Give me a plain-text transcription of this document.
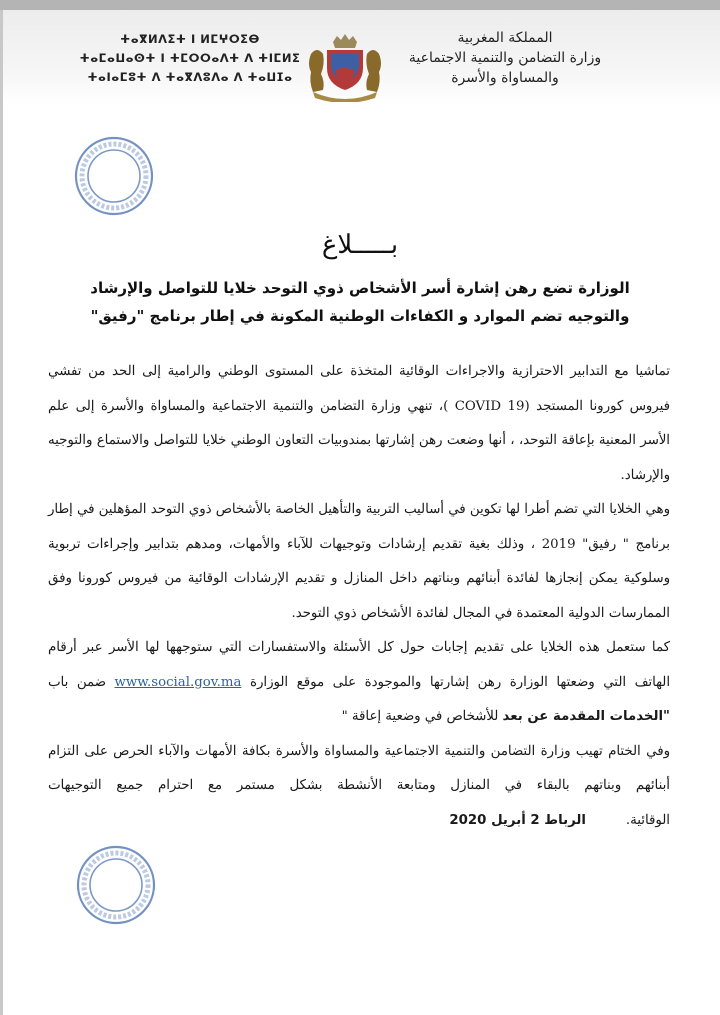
ⵜⴰⴳⵍⴷⵉⵜ ⵏ ⵍⵎⵖⵔⵉⴱ
ⵜⴰⵎⴰⵡⴰⵙⵜ ⵏ ⵜⵎⵔⵔⴰⴷⵜ ⴷ ⵜⵏⵎⵍⵉ
ⵜⴰⵏⴰⵎⵓⵜ ⴷ ⵜⴰⴳⴷⵓⴷⴰ ⴷ ⵜⴰⵡⵊⴰ
المملكة المغربية
وزارة التضامن والتنمية الاجتماعية
والمساواة والأسرة
بـــــلاغ
الوزارة تضع رهن إشارة أسر الأشخاص ذوي التوحد خلايا للتواصل والإرشاد والتوجيه تضم الموارد و الكفاءات الوطنية المكونة في إطار برنامج "رفيق"

تماشيا مع التدابير الاحترازية والاجراءات الوقائية المتخذة على المستوى الوطني والرامية إلى الحد من تفشي فيروس كورونا المستجد (COVID 19 )، تنهي وزارة التضامن والتنمية الاجتماعية والمساواة والأسرة إلى علم الأسر المعنية بإعاقة التوحد، ، أنها وضعت رهن إشارتها بمندوبيات التعاون الوطني خلايا للتواصل والاستماع والتوجيه والإرشاد.

وهي الخلايا التي تضم أطرا لها تكوين في أساليب التربية والتأهيل الخاصة بالأشخاص ذوي التوحد المؤهلين في إطار برنامج " رفيق" 2019 ، وذلك بغية تقديم إرشادات وتوجيهات للآباء والأمهات، ومدهم بتدابير وإجراءات تربوية وسلوكية يمكن إنجازها لفائدة أبنائهم وبناتهم داخل المنازل و تقديم الإرشادات الوقائية من فيروس كورونا وفق الممارسات الدولية المعتمدة في المجال لفائدة الأشخاص ذوي التوحد.

كما ستعمل هذه الخلايا على تقديم إجابات حول كل الأسئلة والاستفسارات التي ستوجهها لها الأسر عبر أرقام الهاتف التي وضعتها الوزارة رهن إشارتها والموجودة على موقع الوزارة www.social.gov.ma ضمن باب "الخدمات المقدمة عن بعد للأشخاص في وضعية إعاقة "

وفي الختام تهيب وزارة التضامن والتنمية الاجتماعية والمساواة والأسرة بكافة الأمهات والآباء الحرص على التزام أبنائهم وبناتهم بالبقاء في المنازل ومتابعة الأنشطة بشكل مستمر مع احترام جميع التوجيهات الوقائية.الرباط 2 أبريل 2020
